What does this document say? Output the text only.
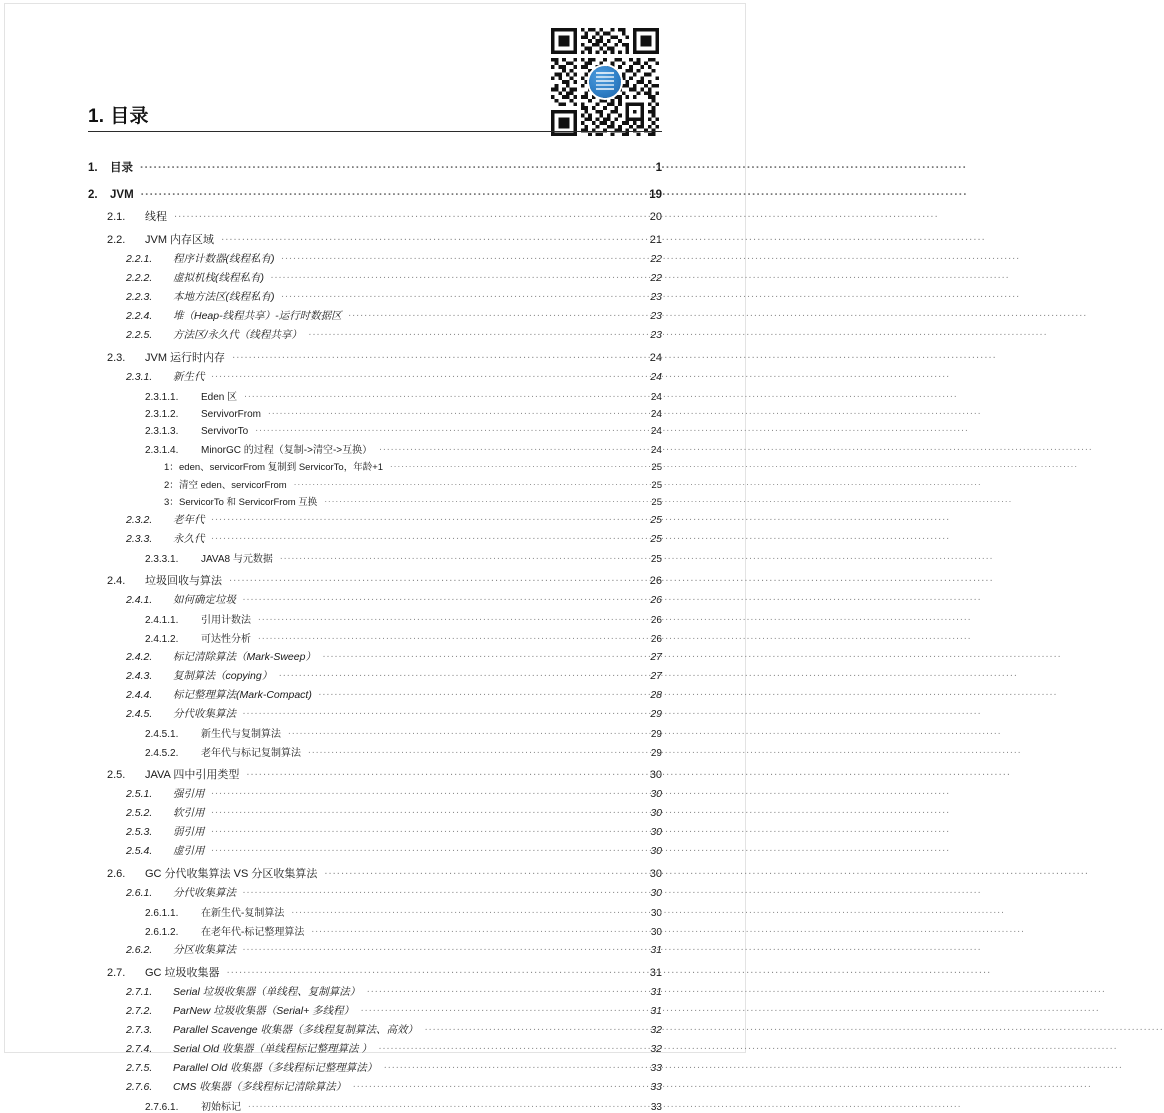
1. 目录
1.	目录 .....	1
2.	JVM .....	19
2.1.	线程 .....	20
2.2.	JVM 内存区域 .....	21
2.2.1.	程序计数器(线程私有) .....	22
2.2.2.	虚拟机栈(线程私有) .....	22
2.2.3.	本地方法区(线程私有) .....	23
2.2.4.	堆（Heap-线程共享）-运行时数据区 .....	23
2.2.5.	方法区/永久代（线程共享） .....	23
2.3.	JVM 运行时内存 .....	24
2.3.1.	新生代 .....	24
2.3.1.1.	Eden 区 .....	24
2.3.1.2.	ServivorFrom .....	24
2.3.1.3.	ServivorTo .....	24
2.3.1.4.	MinorGC 的过程（复制->清空->互换） .....	24
1： eden、servicorFrom 复制到 ServicorTo，年龄+1 .....	25
2： 清空 eden、servicorFrom .....	25
3： ServicorTo 和 ServicorFrom 互换 .....	25
2.3.2.	老年代 .....	25
2.3.3.	永久代 .....	25
2.3.3.1.	JAVA8 与元数据 .....	25
2.4.	垃圾回收与算法 .....	26
2.4.1.	如何确定垃圾 .....	26
2.4.1.1.	引用计数法 .....	26
2.4.1.2.	可达性分析 .....	26
2.4.2.	标记清除算法（Mark-Sweep） .....	27
2.4.3.	复制算法（copying） .....	27
2.4.4.	标记整理算法(Mark-Compact) .....	28
2.4.5.	分代收集算法 .....	29
2.4.5.1.	新生代与复制算法 .....	29
2.4.5.2.	老年代与标记复制算法 .....	29
2.5.	JAVA 四中引用类型 .....	30
2.5.1.	强引用 .....	30
2.5.2.	软引用 .....	30
2.5.3.	弱引用 .....	30
2.5.4.	虚引用 .....	30
2.6.	GC 分代收集算法 VS 分区收集算法 .....	30
2.6.1.	分代收集算法 .....	30
2.6.1.1.	在新生代-复制算法 .....	30
2.6.1.2.	在老年代-标记整理算法 .....	30
2.6.2.	分区收集算法 .....	31
2.7.	GC 垃圾收集器 .....	31
2.7.1.	Serial 垃圾收集器（单线程、复制算法） .....	31
2.7.2.	ParNew 垃圾收集器（Serial+ 多线程） .....	31
2.7.3.	Parallel Scavenge 收集器（多线程复制算法、高效） .....	32
2.7.4.	Serial Old 收集器（单线程标记整理算法 ） .....	32
2.7.5.	Parallel Old 收集器（多线程标记整理算法） .....	33
2.7.6.	CMS 收集器（多线程标记清除算法） .....	33
2.7.6.1.	初始标记 .....	33
